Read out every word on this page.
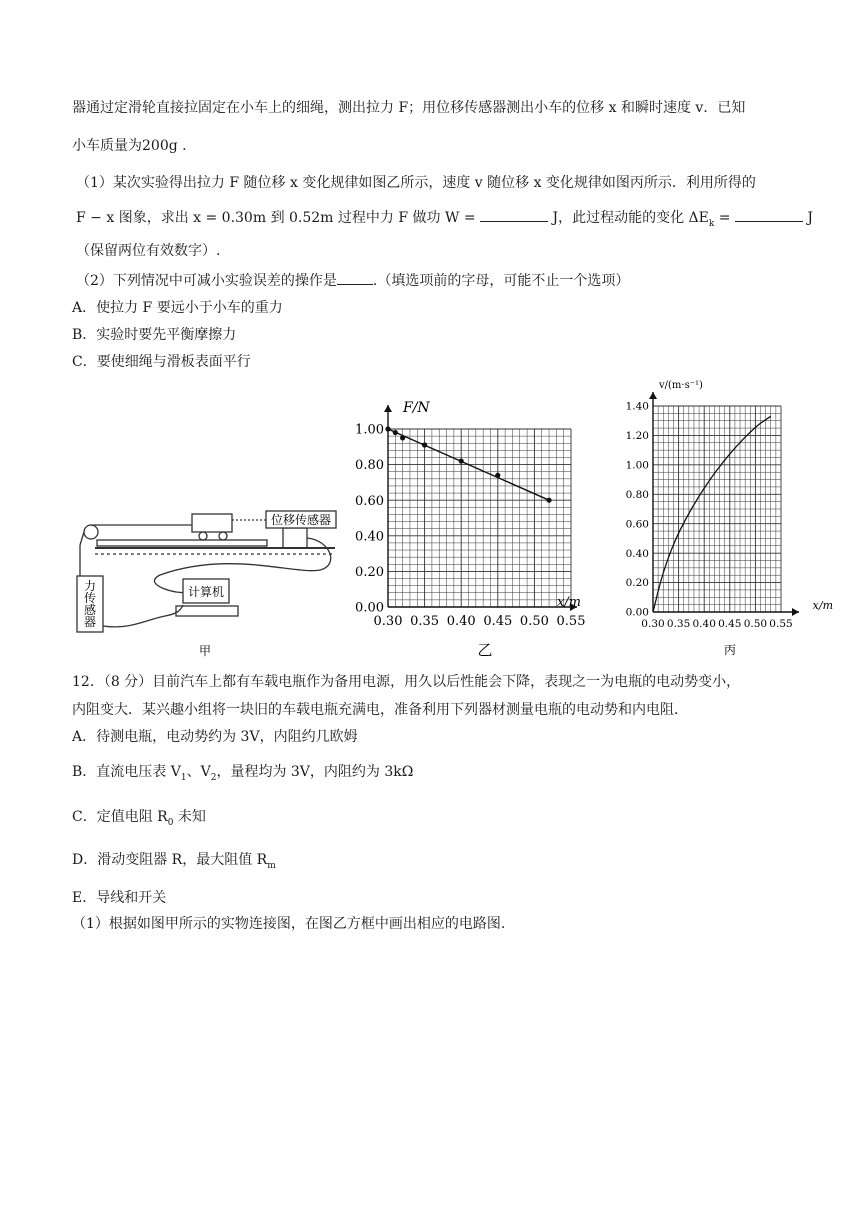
器通过定滑轮直接拉固定在小车上的细绳，测出拉力 F；用位移传感器测出小车的位移 x 和瞬时速度 v．已知
小车质量为200g .
（1）某次实验得出拉力 F 随位移 x 变化规律如图乙所示，速度 v 随位移 x 变化规律如图丙所示．利用所得的
F − x 图象，求出 x = 0.30m 到 0.52m 过程中力 F 做功 W =	J，此过程动能的变化 $\Delta E_k$ =	J
（保留两位有效数字）.
（2）下列情况中可减小实验误差的操作是	.（填选项前的字母，可能不止一个选项）
A．使拉力 F 要远小于小车的重力
B．实验时要先平衡摩擦力
C．要使细绳与滑板表面平行
位移传感器
计算机
力
传
感
器
甲
0.30 0.35 0.40 0.45 0.50 0.55
0.00
0.20
0.40
0.60
0.80
1.00
F/N
x/m
乙
0.30 0.35 0.40 0.45 0.50 0.55
0.00
0.20
0.40
0.60
0.80
1.00
1.20
1.40
v/(m·s⁻¹)
x/m
丙
12．（8 分）目前汽车上都有车载电瓶作为备用电源，用久以后性能会下降，表现之一为电瓶的电动势变小，
内阻变大．某兴趣小组将一块旧的车载电瓶充满电，准备利用下列器材测量电瓶的电动势和内电阻．
A．待测电瓶，电动势约为 3V，内阻约几欧姆
B．直流电压表 $V_1$、$V_2$，量程均为 3V，内阻约为 3kΩ
C．定值电阻 $R_0$ 未知
D．滑动变阻器 R，最大阻值 $R_m$
E．导线和开关
（1）根据如图甲所示的实物连接图，在图乙方框中画出相应的电路图.
